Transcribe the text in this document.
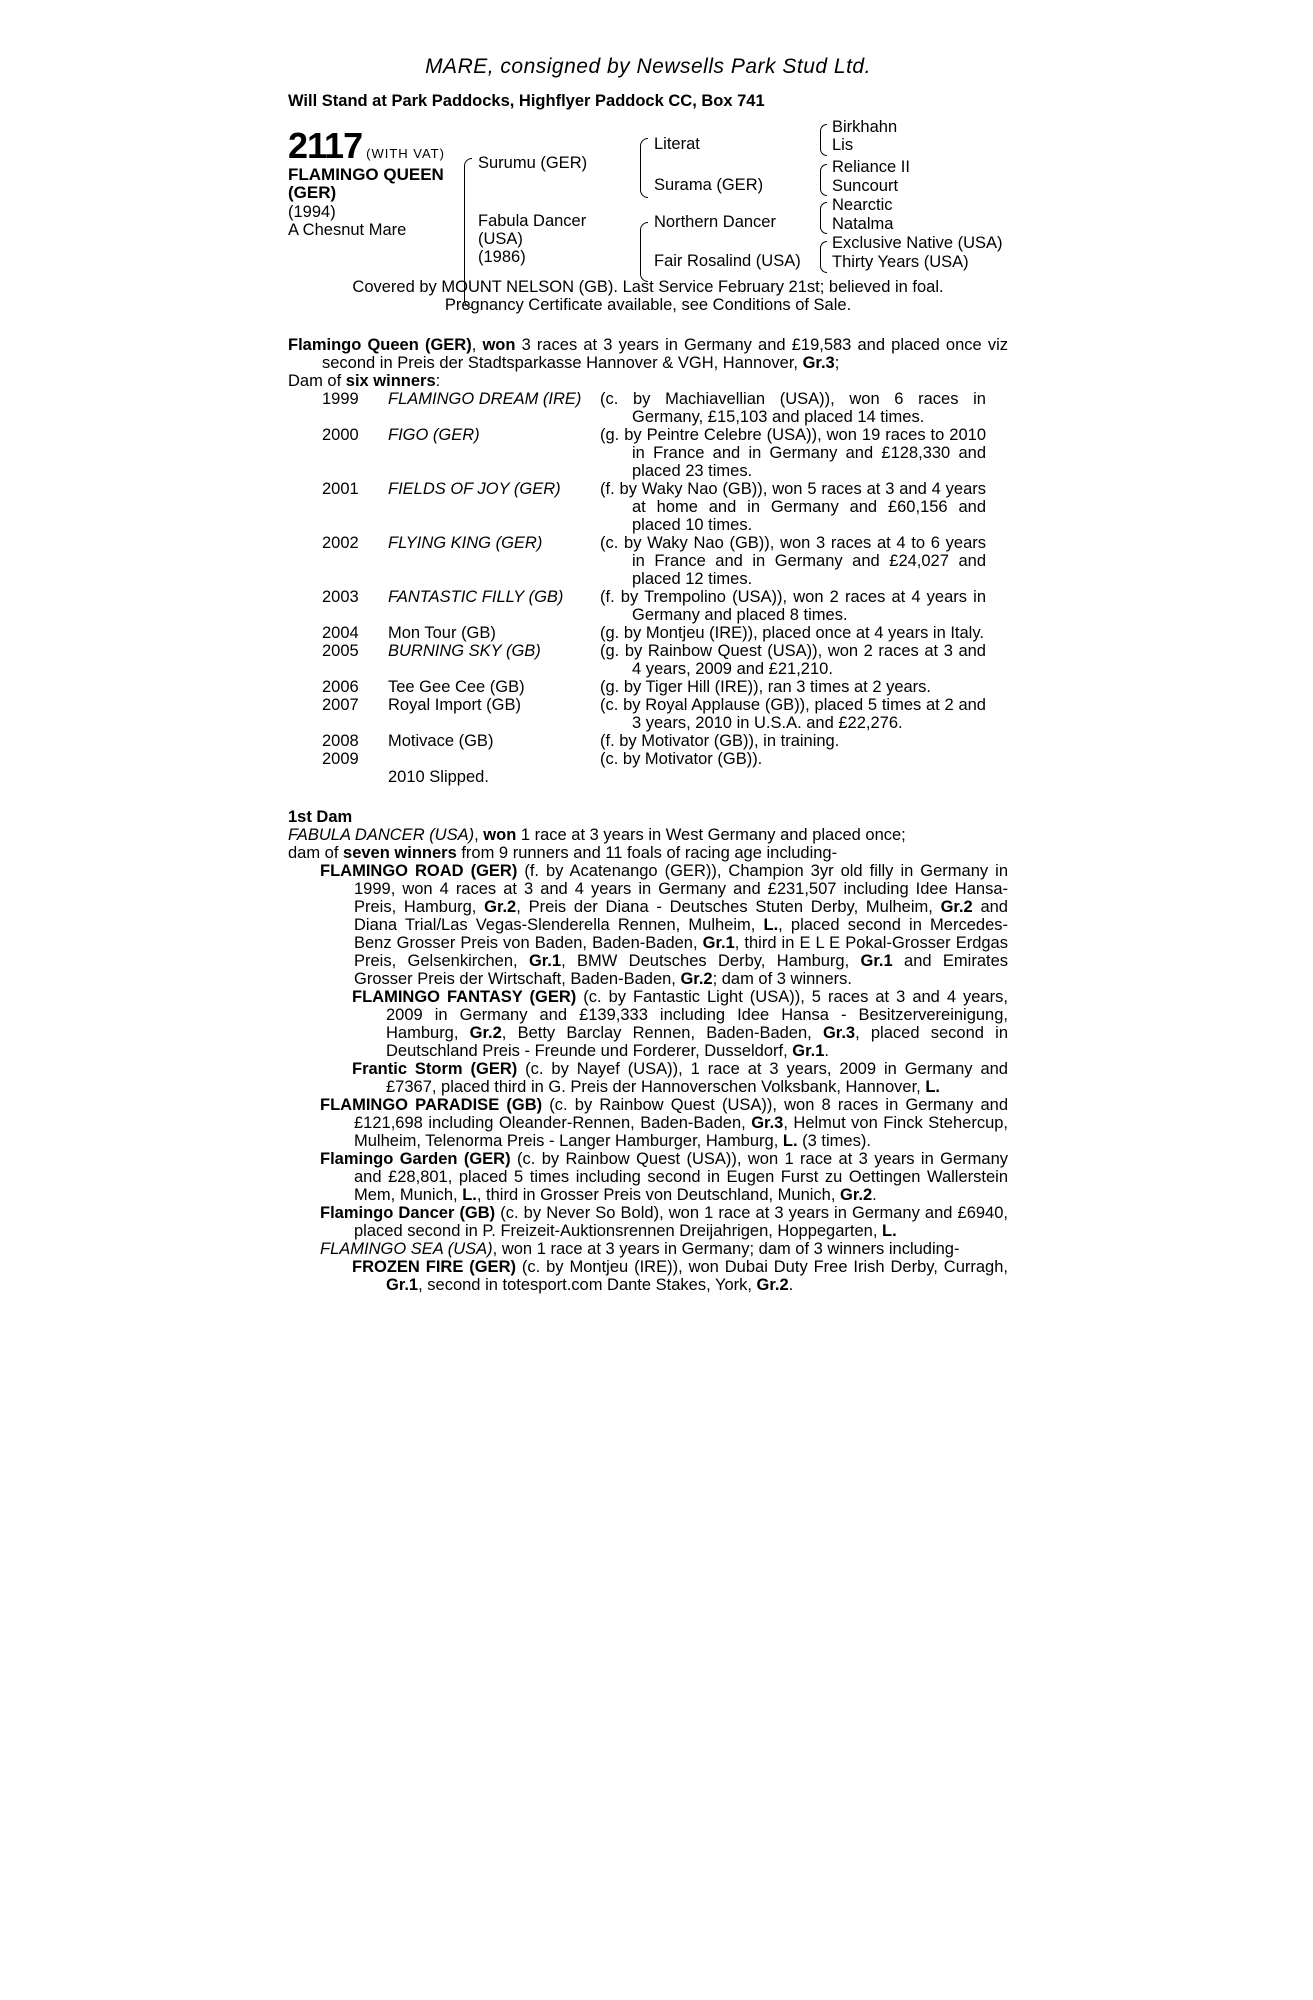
MARE, consigned by Newsells Park Stud Ltd.
Will Stand at Park Paddocks, Highflyer Paddock CC, Box 741
2117 (WITH VAT)
FLAMINGO QUEEN
(GER)
(1994)
A Chesnut Mare
Surumu (GER)
Fabula Dancer
(USA)
(1986)
Literat
Surama (GER)
Northern Dancer
Fair Rosalind (USA)
Birkhahn
Lis
Reliance II
Suncourt
Nearctic
Natalma
Exclusive Native (USA)
Thirty Years (USA)
Covered by MOUNT NELSON (GB). Last Service February 21st; believed in foal.
Pregnancy Certificate available, see Conditions of Sale.
Flamingo Queen (GER), won 3 races at 3 years in Germany and £19,583 and placed once viz second in Preis der Stadtsparkasse Hannover & VGH, Hannover, Gr.3;
Dam of six winners:
1999	FLAMINGO DREAM (IRE)	(c. by Machiavellian (USA)), won 6 races in Germany, £15,103 and placed 14 times.
2000	FIGO (GER)	(g. by Peintre Celebre (USA)), won 19 races to 2010 in France and in Germany and £128,330 and placed 23 times.
2001	FIELDS OF JOY (GER)	(f. by Waky Nao (GB)), won 5 races at 3 and 4 years at home and in Germany and £60,156 and placed 10 times.
2002	FLYING KING (GER)	(c. by Waky Nao (GB)), won 3 races at 4 to 6 years in France and in Germany and £24,027 and placed 12 times.
2003	FANTASTIC FILLY (GB)	(f. by Trempolino (USA)), won 2 races at 4 years in Germany and placed 8 times.
2004	Mon Tour (GB)	(g. by Montjeu (IRE)), placed once at 4 years in Italy.
2005	BURNING SKY (GB)	(g. by Rainbow Quest (USA)), won 2 races at 3 and 4 years, 2009 and £21,210.
2006	Tee Gee Cee (GB)	(g. by Tiger Hill (IRE)), ran 3 times at 2 years.
2007	Royal Import (GB)	(c. by Royal Applause (GB)), placed 5 times at 2 and 3 years, 2010 in U.S.A. and £22,276.
2008	Motivace (GB)	(f. by Motivator (GB)), in training.
2009		(c. by Motivator (GB)).
	2010 Slipped.	
1st Dam
FABULA DANCER (USA), won 1 race at 3 years in West Germany and placed once;
dam of seven winners from 9 runners and 11 foals of racing age including-
FLAMINGO ROAD (GER) (f. by Acatenango (GER)), Champion 3yr old filly in Germany in 1999, won 4 races at 3 and 4 years in Germany and £231,507 including Idee Hansa-Preis, Hamburg, Gr.2, Preis der Diana - Deutsches Stuten Derby, Mulheim, Gr.2 and Diana Trial/Las Vegas-Slenderella Rennen, Mulheim, L., placed second in Mercedes-Benz Grosser Preis von Baden, Baden-Baden, Gr.1, third in E L E Pokal-Grosser Erdgas Preis, Gelsenkirchen, Gr.1, BMW Deutsches Derby, Hamburg, Gr.1 and Emirates Grosser Preis der Wirtschaft, Baden-Baden, Gr.2; dam of 3 winners.
FLAMINGO FANTASY (GER) (c. by Fantastic Light (USA)), 5 races at 3 and 4 years, 2009 in Germany and £139,333 including Idee Hansa - Besitzervereinigung, Hamburg, Gr.2, Betty Barclay Rennen, Baden-Baden, Gr.3, placed second in Deutschland Preis - Freunde und Forderer, Dusseldorf, Gr.1.
Frantic Storm (GER) (c. by Nayef (USA)), 1 race at 3 years, 2009 in Germany and £7367, placed third in G. Preis der Hannoverschen Volksbank, Hannover, L.
FLAMINGO PARADISE (GB) (c. by Rainbow Quest (USA)), won 8 races in Germany and £121,698 including Oleander-Rennen, Baden-Baden, Gr.3, Helmut von Finck Stehercup, Mulheim, Telenorma Preis - Langer Hamburger, Hamburg, L. (3 times).
Flamingo Garden (GER) (c. by Rainbow Quest (USA)), won 1 race at 3 years in Germany and £28,801, placed 5 times including second in Eugen Furst zu Oettingen Wallerstein Mem, Munich, L., third in Grosser Preis von Deutschland, Munich, Gr.2.
Flamingo Dancer (GB) (c. by Never So Bold), won 1 race at 3 years in Germany and £6940, placed second in P. Freizeit-Auktionsrennen Dreijahrigen, Hoppegarten, L.
FLAMINGO SEA (USA), won 1 race at 3 years in Germany; dam of 3 winners including-
FROZEN FIRE (GER) (c. by Montjeu (IRE)), won Dubai Duty Free Irish Derby, Curragh, Gr.1, second in totesport.com Dante Stakes, York, Gr.2.
